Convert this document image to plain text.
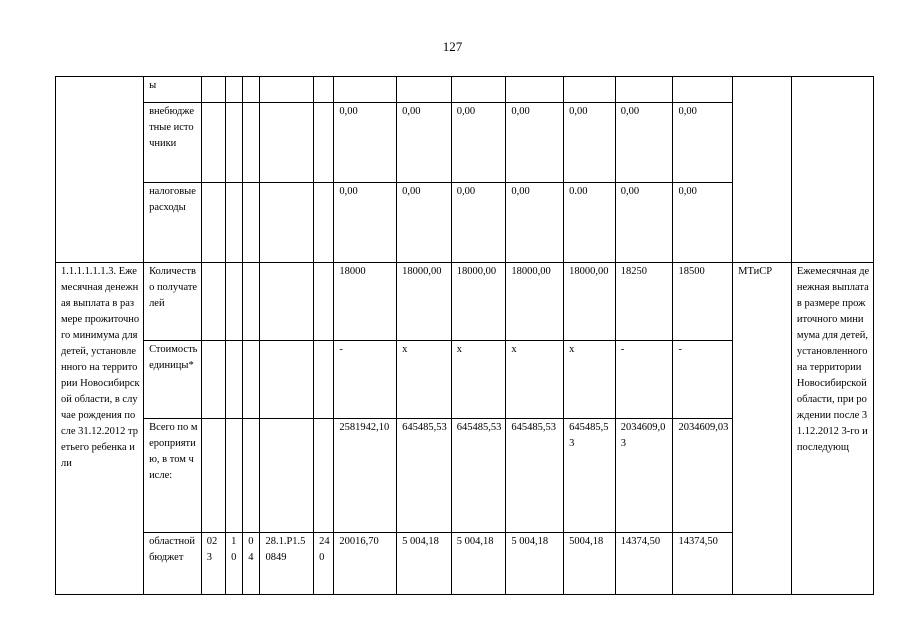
127
	ы														
	внебюджетные источники						0,00	0,00	0,00	0,00	0,00	0,00	0,00		
	налоговые расходы						0,00	0,00	0,00	0,00	0.00	0,00	0,00		
1.1.1.1.1.1.3. Ежемесячная денежная выплата в размере прожиточного минимума для детей, установленного на территории Новосибирской области, в случае рождения после 31.12.2012 третьего ребенка или	Количество получателей						18000	18000,00	18000,00	18000,00	18000,00	18250	18500	МТиСР	Ежемесячная денежная выплата в размере прожиточного минимума для детей, установленного на территории Новосибирской области, при рождении после 31.12.2012 3-го и последующ
	Стоимость единицы*						-	x	x	x	x	-	-		
	Всего по мероприятию, в том числе:						2581942,10	645485,53	645485,53	645485,53	645485,53	2034609,03	2034609,03		
	областной бюджет	023	10	04	28.1.P1.50849	240	20016,70	5 004,18	5 004,18	5 004,18	5004,18	14374,50	14374,50		
